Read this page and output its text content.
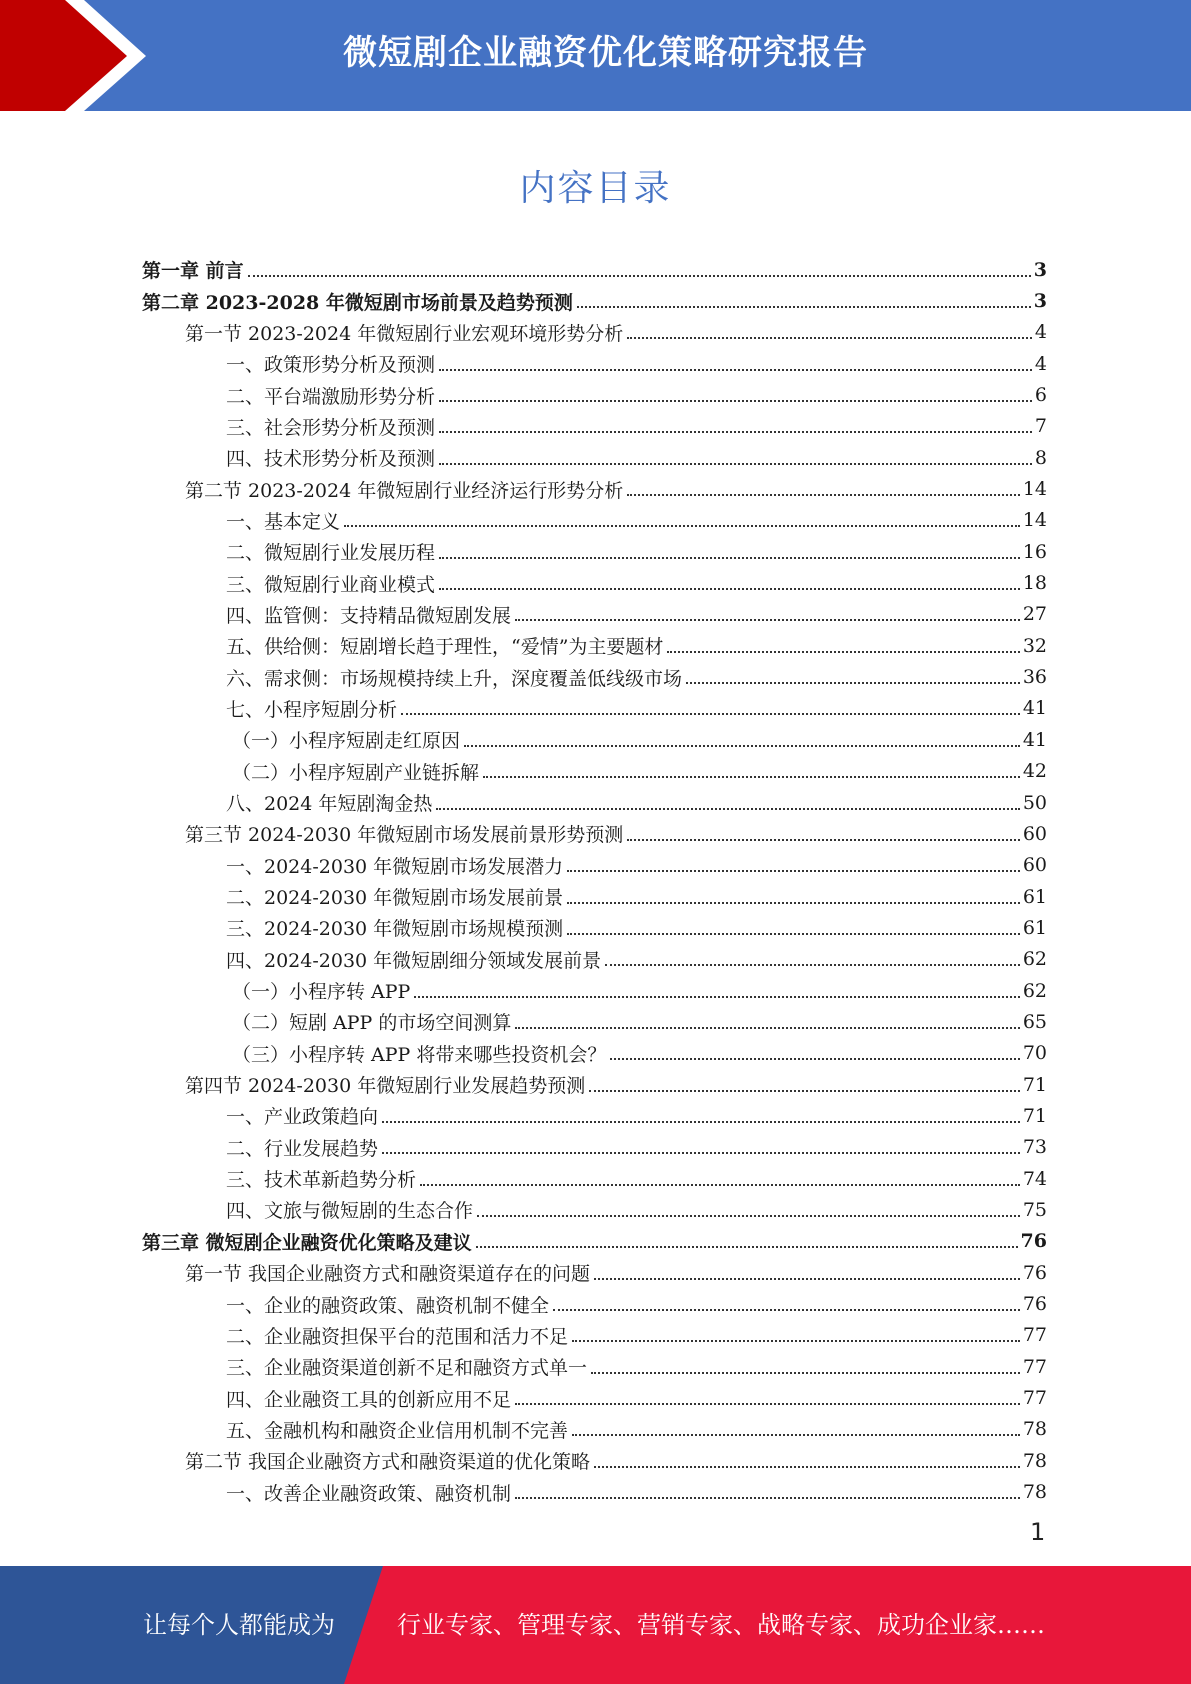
微短剧企业融资优化策略研究报告
内容目录
第一章 前言	3
第二章 2023-2028 年微短剧市场前景及趋势预测	3
第一节 2023-2024 年微短剧行业宏观环境形势分析	4
一、政策形势分析及预测	4
二、平台端激励形势分析	6
三、社会形势分析及预测	7
四、技术形势分析及预测	8
第二节 2023-2024 年微短剧行业经济运行形势分析	14
一、基本定义	14
二、微短剧行业发展历程	16
三、微短剧行业商业模式	18
四、监管侧：支持精品微短剧发展	27
五、供给侧：短剧增长趋于理性，“爱情”为主要题材	32
六、需求侧：市场规模持续上升，深度覆盖低线级市场	36
七、小程序短剧分析	41
（一）小程序短剧走红原因	41
（二）小程序短剧产业链拆解	42
八、2024 年短剧淘金热	50
第三节 2024-2030 年微短剧市场发展前景形势预测	60
一、2024-2030 年微短剧市场发展潜力	60
二、2024-2030 年微短剧市场发展前景	61
三、2024-2030 年微短剧市场规模预测	61
四、2024-2030 年微短剧细分领域发展前景	62
（一）小程序转 APP	62
（二）短剧 APP 的市场空间测算	65
（三）小程序转 APP 将带来哪些投资机会？	70
第四节 2024-2030 年微短剧行业发展趋势预测	71
一、产业政策趋向	71
二、行业发展趋势	73
三、技术革新趋势分析	74
四、文旅与微短剧的生态合作	75
第三章 微短剧企业融资优化策略及建议	76
第一节 我国企业融资方式和融资渠道存在的问题	76
一、企业的融资政策、融资机制不健全	76
二、企业融资担保平台的范围和活力不足	77
三、企业融资渠道创新不足和融资方式单一	77
四、企业融资工具的创新应用不足	77
五、金融机构和融资企业信用机制不完善	78
第二节 我国企业融资方式和融资渠道的优化策略	78
一、改善企业融资政策、融资机制	78
1
让每个人都能成为	行业专家、管理专家、营销专家、战略专家、成功企业家……
